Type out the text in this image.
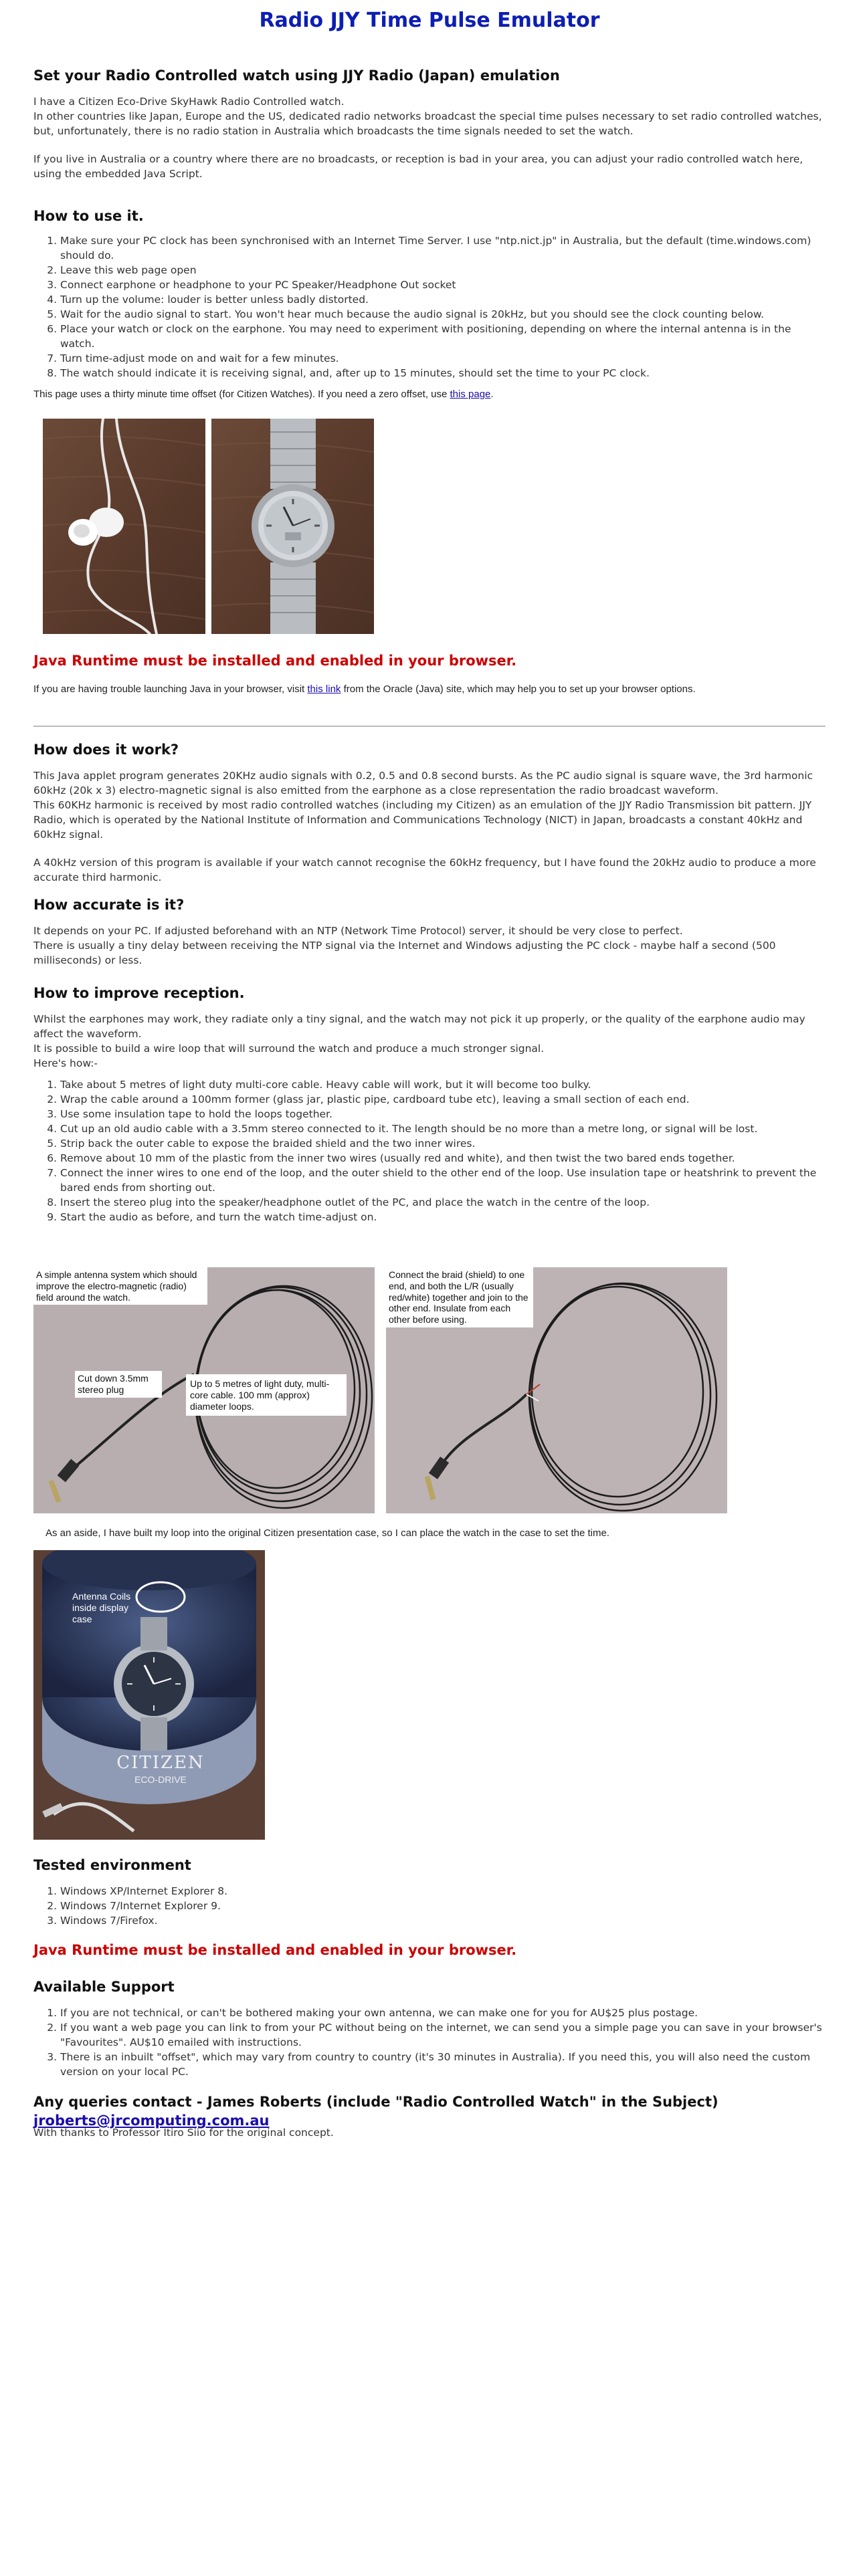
Radio JJY Time Pulse Emulator
Set your Radio Controlled watch using JJY Radio (Japan) emulation

I have a Citizen Eco-Drive SkyHawk Radio Controlled watch.

In other countries like Japan, Europe and the US, dedicated radio networks broadcast the special time pulses necessary to set radio controlled watches, but, unfortunately, there is no radio station in Australia which broadcasts the time signals needed to set the watch.

If you live in Australia or a country where there are no broadcasts, or reception is bad in your area, you can adjust your radio controlled watch here, using the embedded Java Script.

How to use it.
1. Make sure your PC clock has been synchronised with an Internet Time Server. I use "ntp.nict.jp" in Australia, but the default (time.windows.com) should do.
2. Leave this web page open
3. Connect earphone or headphone to your PC Speaker/Headphone Out socket
4. Turn up the volume: louder is better unless badly distorted.
5. Wait for the audio signal to start. You won't hear much because the audio signal is 20kHz, but you should see the clock counting below.
6. Place your watch or clock on the earphone. You may need to experiment with positioning, depending on where the internal antenna is in the watch.
7. Turn time-adjust mode on and wait for a few minutes.
8. The watch should indicate it is receiving signal, and, after up to 15 minutes, should set the time to your PC clock.

This page uses a thirty minute time offset (for Citizen Watches). If you need a zero offset, use this page.

Java Runtime must be installed and enabled in your browser.

If you are having trouble launching Java in your browser, visit this link from the Oracle (Java) site, which may help you to set up your browser options.

How does it work?

This Java applet program generates 20KHz audio signals with 0.2, 0.5 and 0.8 second bursts. As the PC audio signal is square wave, the 3rd harmonic 60kHz (20k x 3) electro-magnetic signal is also emitted from the earphone as a close representation the radio broadcast waveform.

This 60KHz harmonic is received by most radio controlled watches (including my Citizen) as an emulation of the JJY Radio Transmission bit pattern. JJY Radio, which is operated by the National Institute of Information and Communications Technology (NICT) in Japan, broadcasts a constant 40kHz and 60kHz signal.

A 40kHz version of this program is available if your watch cannot recognise the 60kHz frequency, but I have found the 20kHz audio to produce a more accurate third harmonic.

How accurate is it?

It depends on your PC. If adjusted beforehand with an NTP (Network Time Protocol) server, it should be very close to perfect.

There is usually a tiny delay between receiving the NTP signal via the Internet and Windows adjusting the PC clock - maybe half a second (500 milliseconds) or less.

How to improve reception.

Whilst the earphones may work, they radiate only a tiny signal, and the watch may not pick it up properly, or the quality of the earphone audio may affect the waveform.

It is possible to build a wire loop that will surround the watch and produce a much stronger signal.

Here's how:-

1. Take about 5 metres of light duty multi-core cable. Heavy cable will work, but it will become too bulky.
2. Wrap the cable around a 100mm former (glass jar, plastic pipe, cardboard tube etc), leaving a small section of each end.
3. Use some insulation tape to hold the loops together.
4. Cut up an old audio cable with a 3.5mm stereo connected to it. The length should be no more than a metre long, or signal will be lost.
5. Strip back the outer cable to expose the braided shield and the two inner wires.
6. Remove about 10 mm of the plastic from the inner two wires (usually red and white), and then twist the two bared ends together.
7. Connect the inner wires to one end of the loop, and the outer shield to the other end of the loop. Use insulation tape or heatshrink to prevent the bared ends from shorting out.
8. Insert the stereo plug into the speaker/headphone outlet of the PC, and place the watch in the centre of the loop.
9. Start the audio as before, and turn the watch time-adjust on.
A simple antenna system which should improve the electro-magnetic (radio) field around the watch.
Cut down 3.5mm stereo plug
Up to 5 metres of light duty, multi-core cable. 100 mm (approx) diameter loops.
Connect the braid (shield) to one end, and both the L/R (usually red/white) together and join to the other end. Insulate from each other before using.

As an aside, I have built my loop into the original Citizen presentation case, so I can place the watch in the case to set the time.

Antenna Coils inside display case
CITIZEN
ECO-DRIVE
Tested environment
1. Windows XP/Internet Explorer 8.
2. Windows 7/Internet Explorer 9.
3. Windows 7/Firefox.
Java Runtime must be installed and enabled in your browser.
Available Support
1. If you are not technical, or can't be bothered making your own antenna, we can make one for you for AU$25 plus postage.
2. If you want a web page you can link to from your PC without being on the internet, we can send you a simple page you can save in your browser's "Favourites". AU$10 emailed with instructions.
3. There is an inbuilt "offset", which may vary from country to country (it's 30 minutes in Australia). If you need this, you will also need the custom version on your local PC.
Any queries contact - James Roberts (include "Radio Controlled Watch" in the Subject)  jroberts@jrcomputing.com.au

With thanks to Professor Itiro Siio for the original concept.
